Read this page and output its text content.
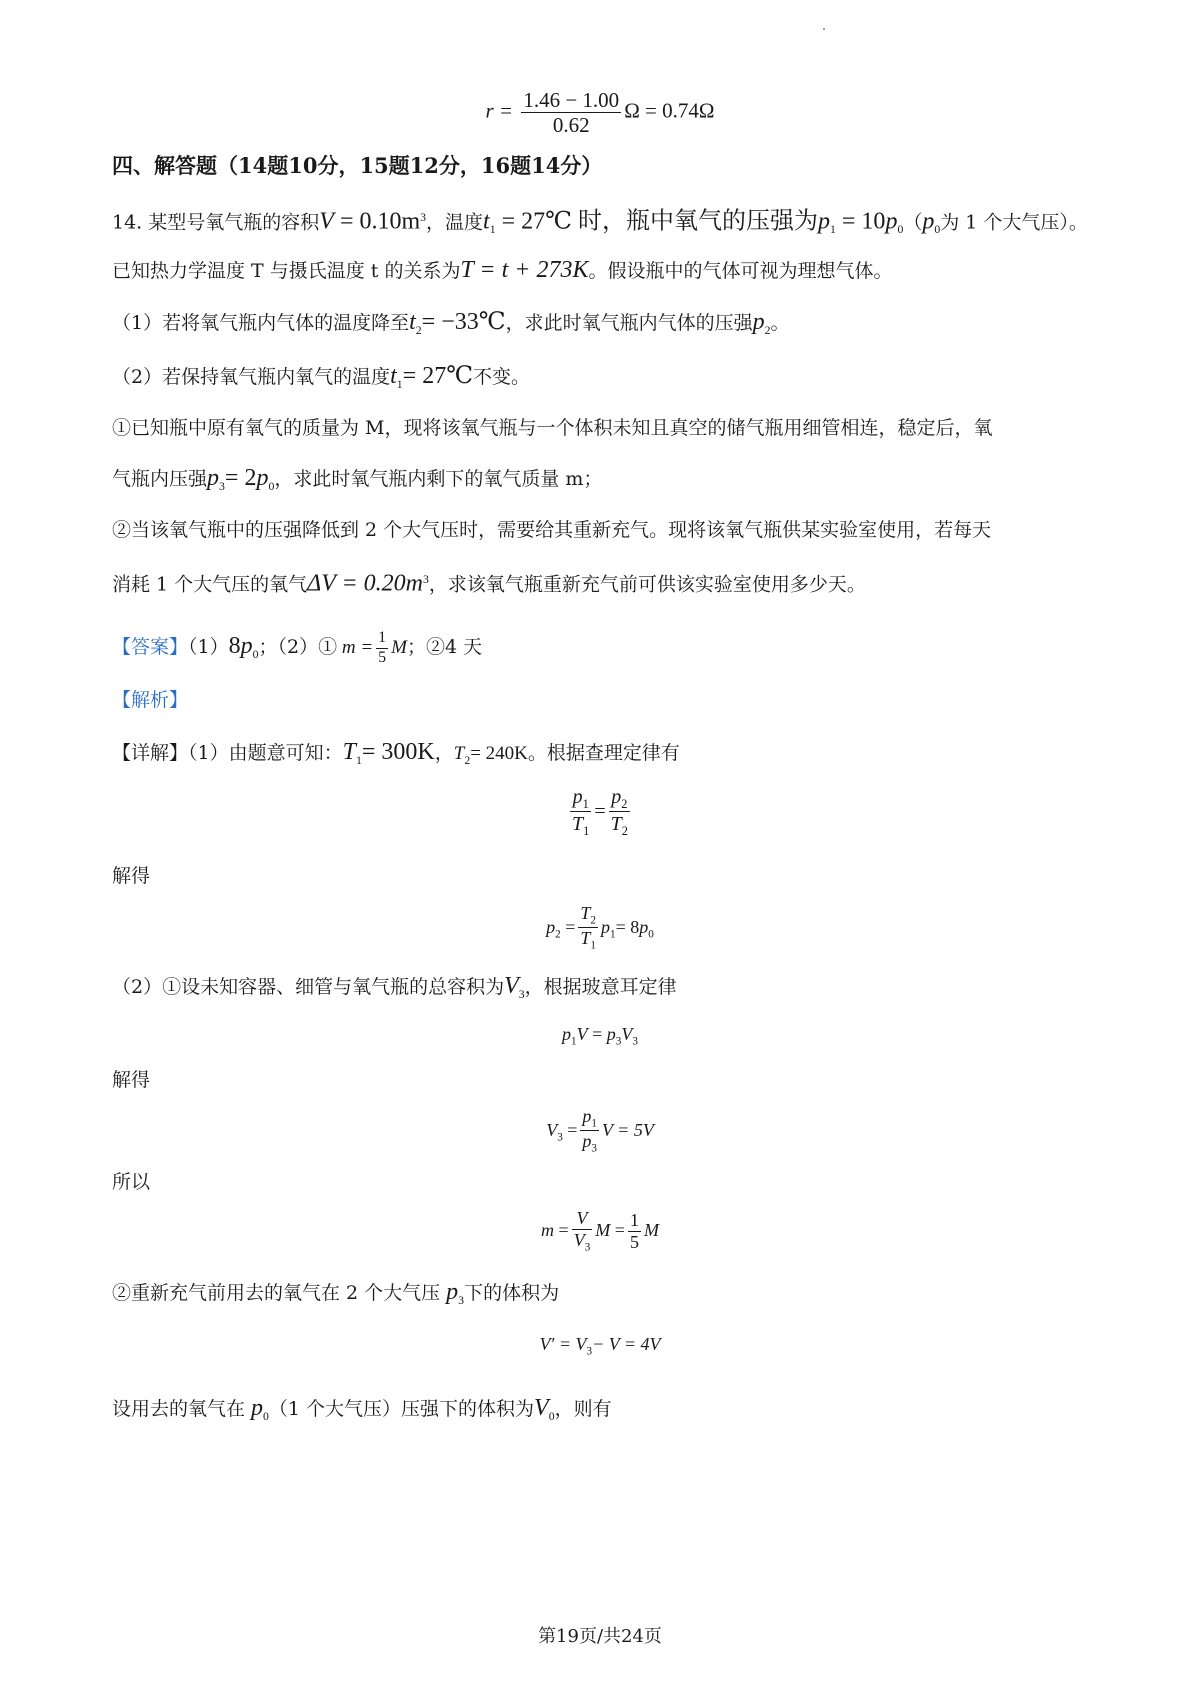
$r = \frac{1.46 - 1.00}{0.62}$ Ω = 0.74Ω
四、解答题（14题10分，15题12分，16题14分）
14. 某型号氧气瓶的容积$V = 0.10m^3$，温度$t_1$ = 27℃ 时，瓶中氧气的压强为$p_1 = 10p_0(p_0$为 1 个大气压）。
已知热力学温度 T 与摄氏温度 t 的关系为T = t + 273K。假设瓶中的气体可视为理想气体。
（1）若将氧气瓶内气体的温度降至$t_2=$ −33℃，求此时氧气瓶内气体的压强$p_2$。
（2）若保持氧气瓶内氧气的温度$t_1=$ 27℃不变。
①已知瓶中原有氧气的质量为 M，现将该氧气瓶与一个体积未知且真空的储气瓶用细管相连，稳定后，氧
气瓶内压强$p_3= 2p_0$，求此时氧气瓶内剩下的氧气质量 m；
②当该氧气瓶中的压强降低到 2 个大气压时，需要给其重新充气。现将该氧气瓶供某实验室使用，若每天
消耗 1 个大气压的氧气$\Delta V = 0.20m^3$，求该氧气瓶重新充气前可供该实验室使用多少天。
【答案】$(1)8p_0$；（2）① $m = \frac{1}{5}$ M；②4 天
【解析】
【详解】（1）由题意可知：$T_1= 300K$，$T_2= 240K$。根据查理定律有
$\frac{p_1}{T_1} = \frac{p_2}{T_2}$
解得
$p_2 = \frac{T_2}{T_1} p_1= 8p_0$
（2）①设未知容器、细管与氧气瓶的总容积为$V_3$，根据玻意耳定律
$p_1V = p_3V_3$
解得
$V_3 = \frac{p_1}{p_3}$ V = 5V
所以
$m = \frac{V}{V_3}$ $M = \frac{1}{5}$ M
②重新充气前用去的氧气在 2 个大气压 $p_3$下的体积为
$V' = V_3- V = 4V$
设用去的氧气在 $p_0(1$ 个大气压）压强下的体积为$V_0$，则有
第19页/共24页
